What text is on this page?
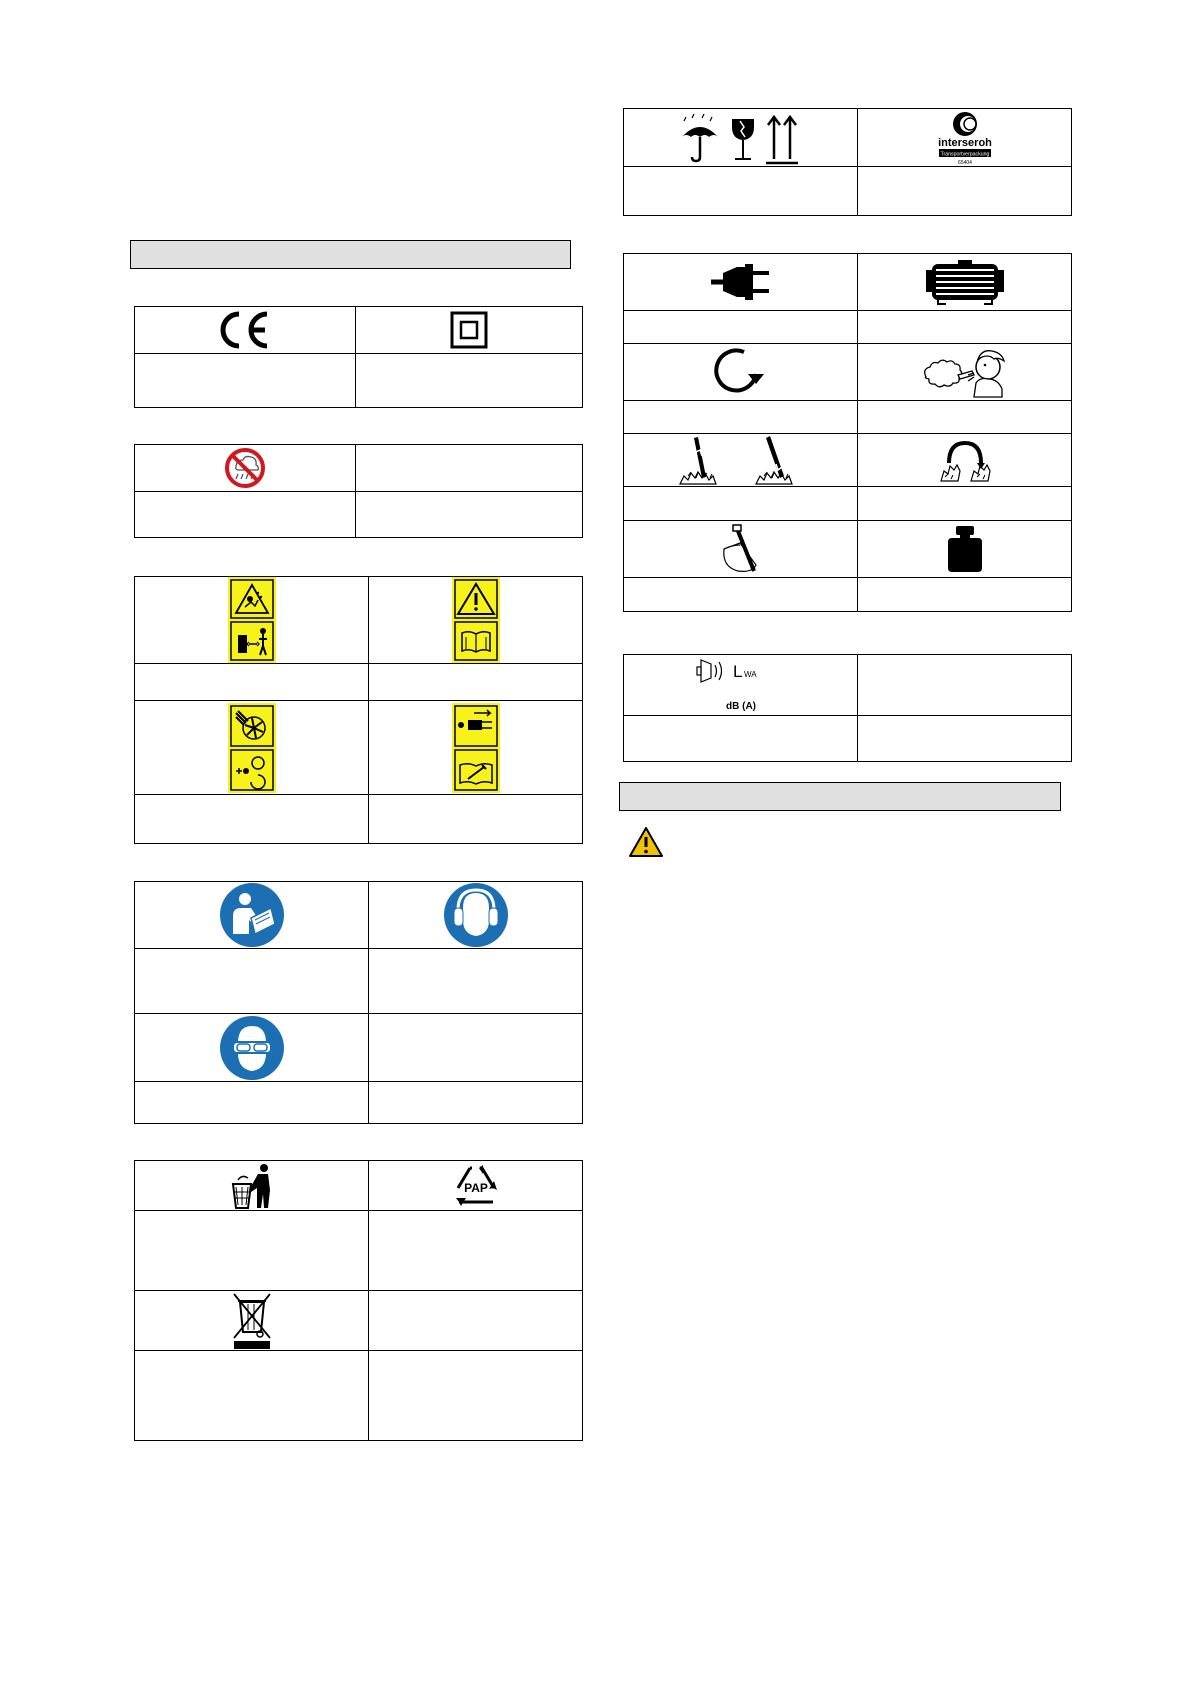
PAP

interseroh
Transportverpackung
65404

L WA
dB (A)	
